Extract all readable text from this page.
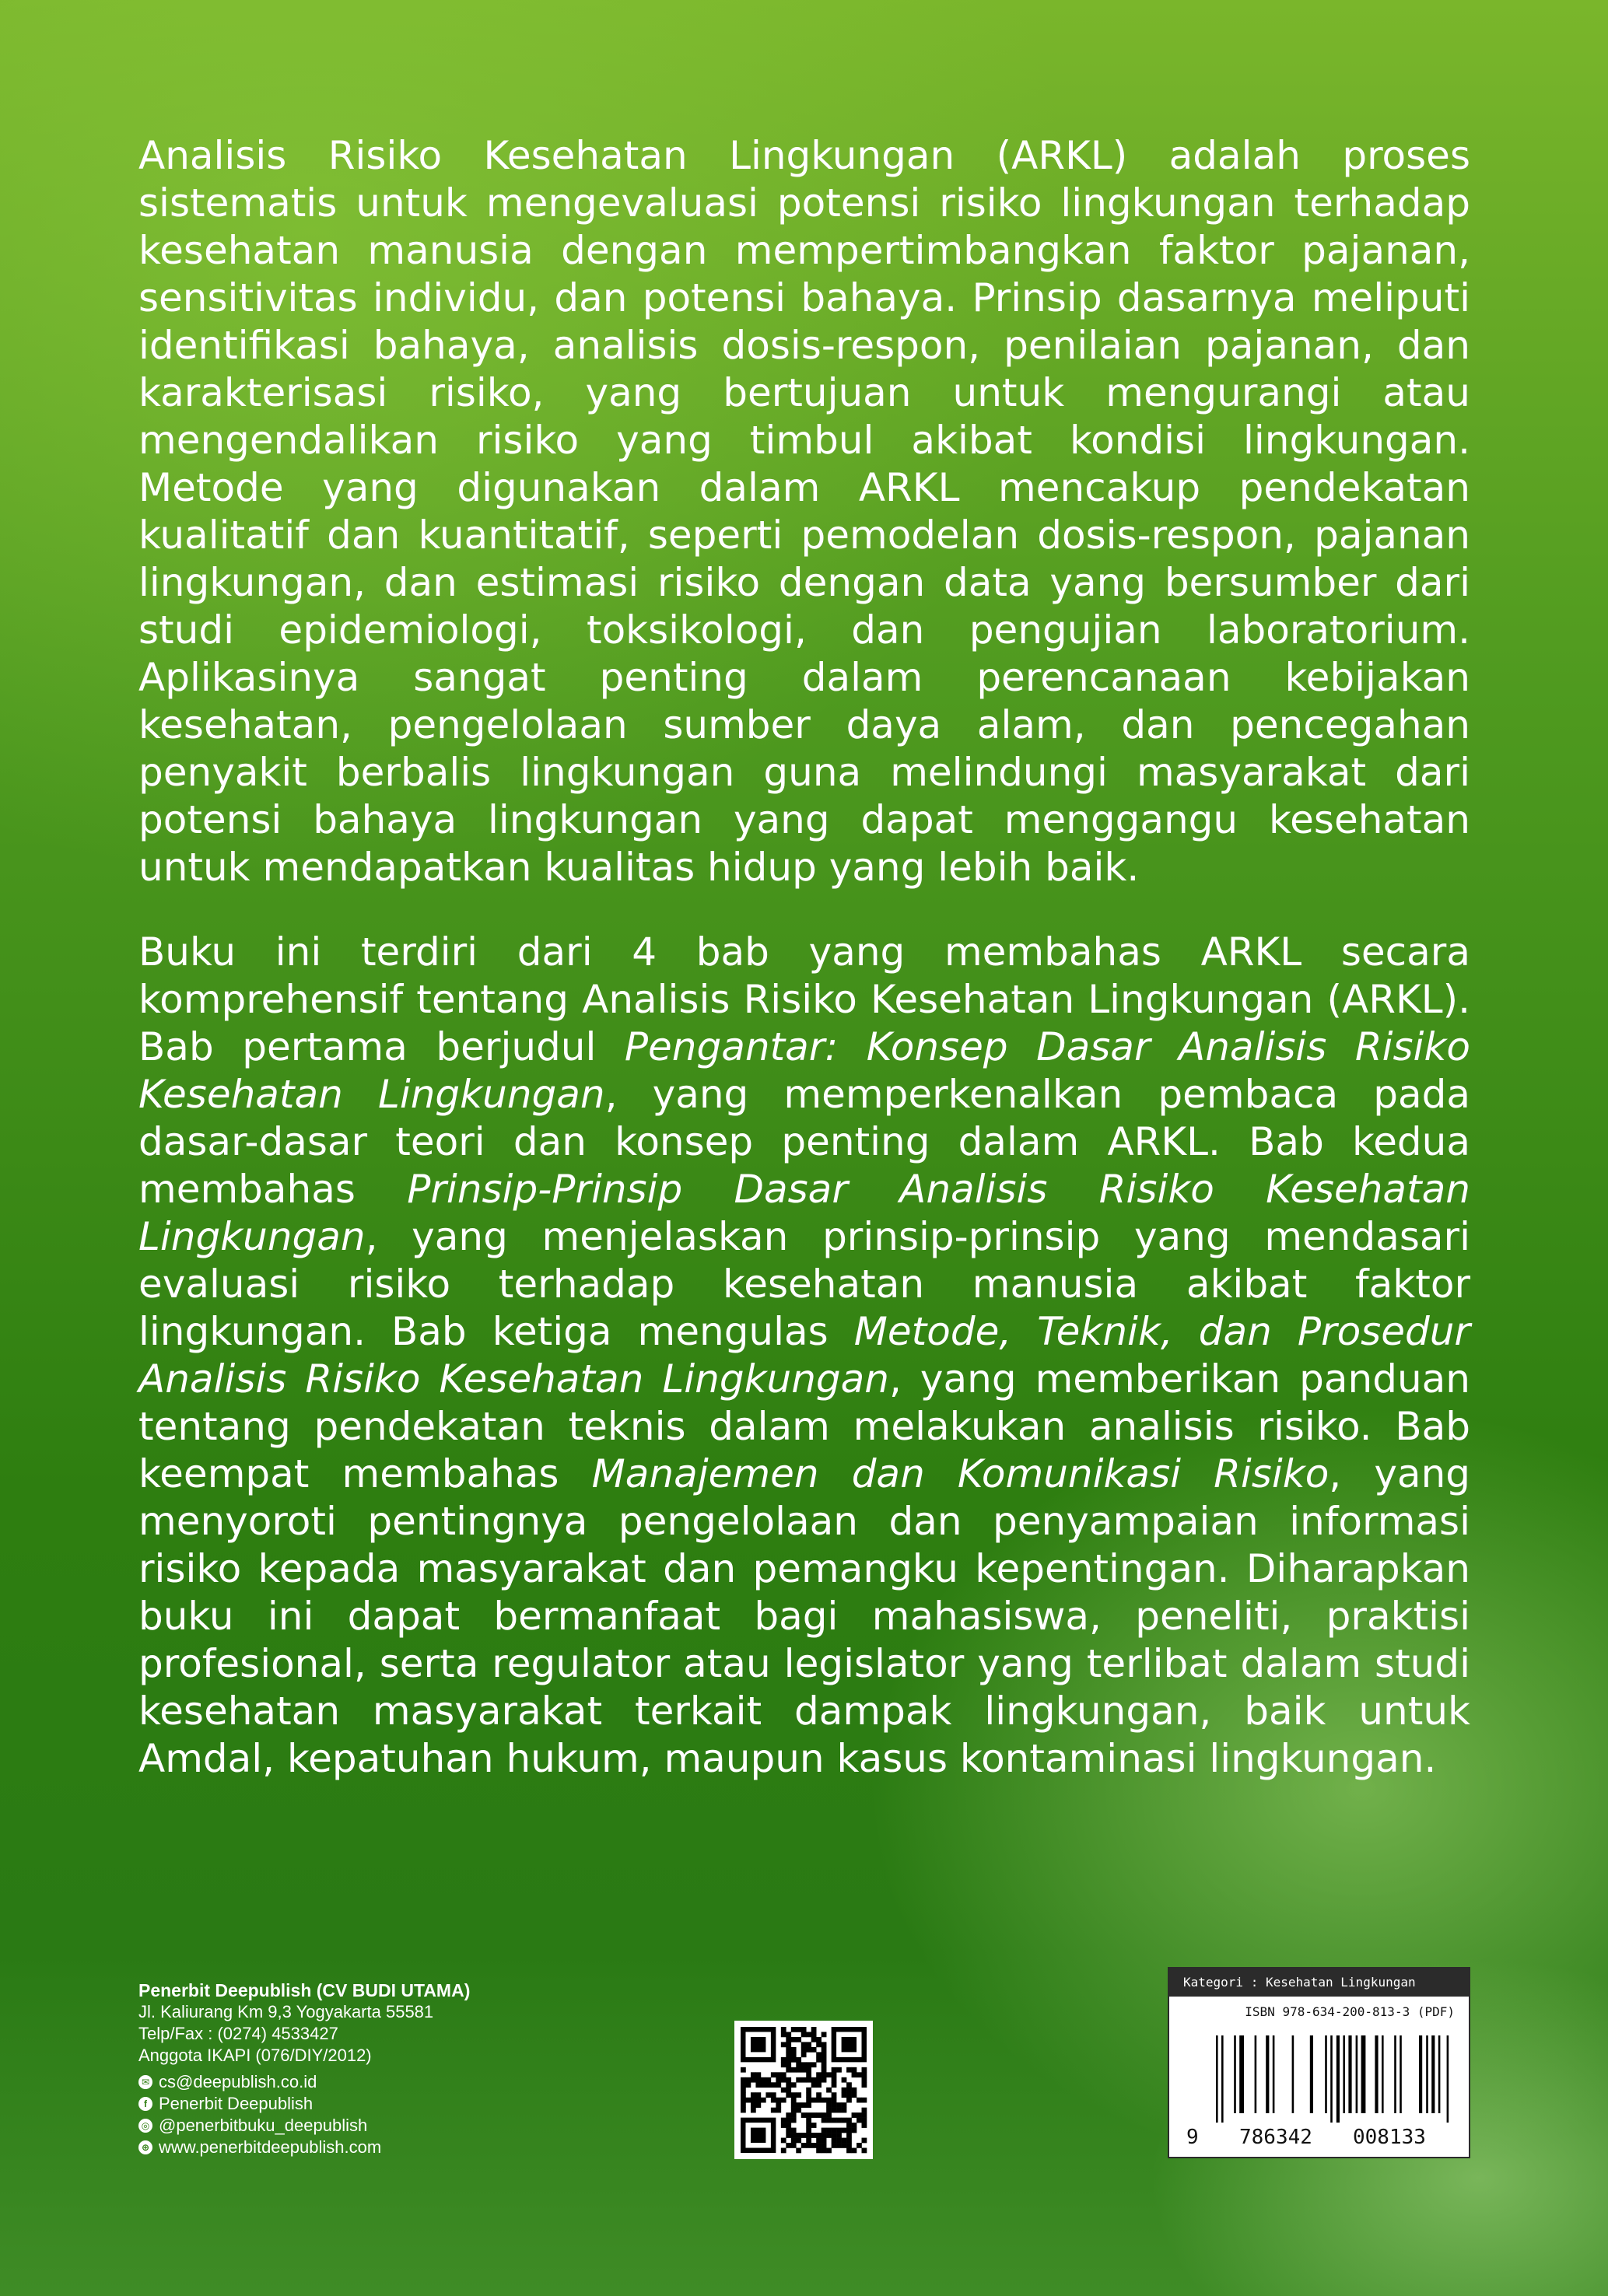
Analisis Risiko Kesehatan Lingkungan (ARKL) adalah proses sistematis untuk mengevaluasi potensi risiko lingkungan terhadap kesehatan manusia dengan mempertimbangkan faktor pajanan, sensitivitas individu, dan potensi bahaya. Prinsip dasarnya meliputi identifikasi bahaya, analisis dosis-respon, penilaian pajanan, dan karakterisasi risiko, yang bertujuan untuk mengurangi atau mengendalikan risiko yang timbul akibat kondisi lingkungan. Metode yang digunakan dalam ARKL mencakup pendekatan kualitatif dan kuantitatif, seperti pemodelan dosis-respon, pajanan lingkungan, dan estimasi risiko dengan data yang bersumber dari studi epidemiologi, toksikologi, dan pengujian laboratorium. Aplikasinya sangat penting dalam perencanaan kebijakan kesehatan, pengelolaan sumber daya alam, dan pencegahan penyakit berbalis lingkungan guna melindungi masyarakat dari potensi bahaya lingkungan yang dapat menggangu kesehatan untuk mendapatkan kualitas hidup yang lebih baik.

Buku ini terdiri dari 4 bab yang membahas ARKL secara komprehensif tentang Analisis Risiko Kesehatan Lingkungan (ARKL). Bab pertama berjudul Pengantar: Konsep Dasar Analisis Risiko Kesehatan Lingkungan, yang memperkenalkan pembaca pada dasar-dasar teori dan konsep penting dalam ARKL. Bab kedua membahas Prinsip-Prinsip Dasar Analisis Risiko Kesehatan Lingkungan, yang menjelaskan prinsip-prinsip yang mendasari evaluasi risiko terhadap kesehatan manusia akibat faktor lingkungan. Bab ketiga mengulas Metode, Teknik, dan Prosedur Analisis Risiko Kesehatan Lingkungan, yang memberikan panduan tentang pendekatan teknis dalam melakukan analisis risiko. Bab keempat membahas Manajemen dan Komunikasi Risiko, yang menyoroti pentingnya pengelolaan dan penyampaian informasi risiko kepada masyarakat dan pemangku kepentingan. Diharapkan buku ini dapat bermanfaat bagi mahasiswa, peneliti, praktisi profesional, serta regulator atau legislator yang terlibat dalam studi kesehatan masyarakat terkait dampak lingkungan, baik untuk Amdal, kepatuhan hukum, maupun kasus kontaminasi lingkungan.

Penerbit Deepublish (CV BUDI UTAMA)
Jl. Kaliurang Km 9,3 Yogyakarta 55581
Telp/Fax : (0274) 4533427
Anggota IKAPI (076/DIY/2012)
✉ cs@deepublish.co.id
f Penerbit Deepublish
◎ @penerbitbuku_deepublish
⊕ www.penerbitdeepublish.com
Kategori : Kesehatan Lingkungan
ISBN 978-634-200-813-3 (PDF)
9 786342 008133
